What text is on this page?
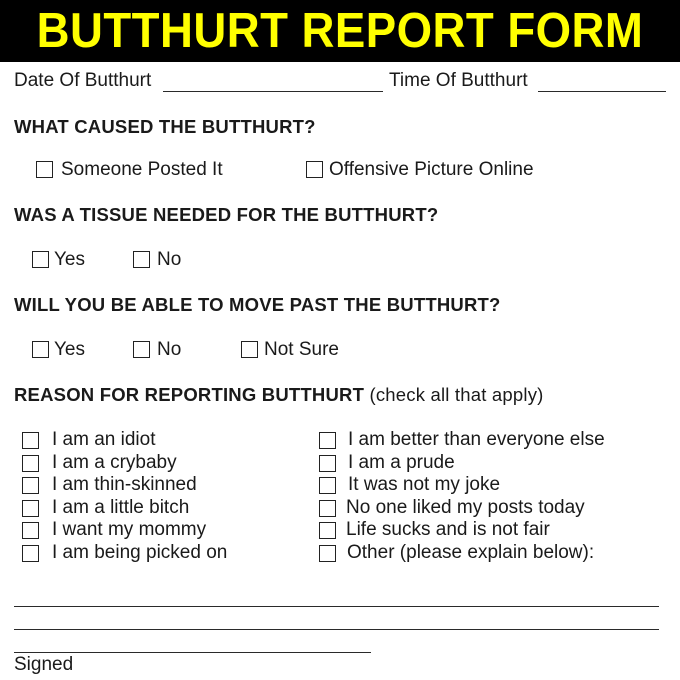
BUTTHURT REPORT FORM
Date Of Butthurt	Time Of Butthurt
WHAT CAUSED THE BUTTHURT?
Someone Posted It	Offensive Picture Online
WAS A TISSUE NEEDED FOR THE BUTTHURT?
Yes	No
WILL YOU BE ABLE TO MOVE PAST THE BUTTHURT?
Yes	No	Not Sure
REASON FOR REPORTING BUTTHURT (check all that apply)
I am an idiot
I am a crybaby
I am thin-skinned
I am a little bitch
I want my mommy
I am being picked on
I am better than everyone else
I am a prude
It was not my joke
No one liked my posts today
Life sucks and is not fair
Other (please explain below):
Signed
